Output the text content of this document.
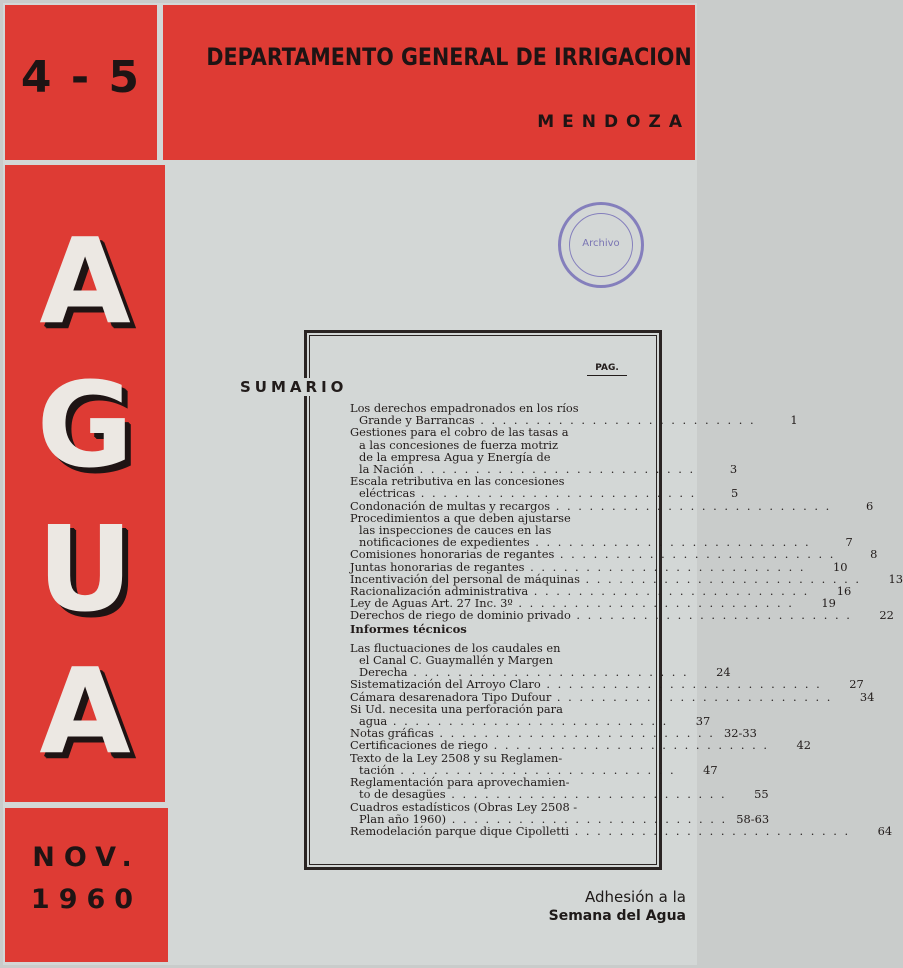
4 - 5	DEPARTAMENTO GENERAL DE IRRIGACION
MENDOZA
A
G
U
A
NOV.
1960
Archivo
SUMARIO
PAG.
Los derechos empadronados en los ríos
Grande y Barrancas . . . . . . . . . . . . . . . . . . . . . . . . .	1
Gestiones para el cobro de las tasas a
a las concesiones de fuerza motriz
de la empresa Agua y Energía de
la Nación . . . . . . . . . . . . . . . . . . . . . . . . .	3
Escala retributiva en las concesiones
eléctricas . . . . . . . . . . . . . . . . . . . . . . . . .	5
Condonación de multas y recargos . . . . . . . . . . . . . . . . . . . . . . . . .	6
Procedimientos a que deben ajustarse
las inspecciones de cauces en las
notificaciones de expedientes . . . . . . . . . . . . . . . . . . . . . . . . .	7
Comisiones honorarias de regantes . . . . . . . . . . . . . . . . . . . . . . . . .	8
Juntas honorarias de regantes . . . . . . . . . . . . . . . . . . . . . . . . .	10
Incentivación del personal de máquinas . . . . . . . . . . . . . . . . . . . . . . . . .	13
Racionalización administrativa . . . . . . . . . . . . . . . . . . . . . . . . .	16
Ley de Aguas Art. 27 Inc. 3º . . . . . . . . . . . . . . . . . . . . . . . . .	19
Derechos de riego de dominio privado . . . . . . . . . . . . . . . . . . . . . . . . .	22
Informes técnicos
Las fluctuaciones de los caudales en
el Canal C. Guaymallén y Margen
Derecha . . . . . . . . . . . . . . . . . . . . . . . . .	24
Sistematización del Arroyo Claro . . . . . . . . . . . . . . . . . . . . . . . . .	27
Cámara desarenadora Tipo Dufour . . . . . . . . . . . . . . . . . . . . . . . . .	34
Si Ud. necesita una perforación para
agua . . . . . . . . . . . . . . . . . . . . . . . . .	37
Notas gráficas . . . . . . . . . . . . . . . . . . . . . . . . . 32-33
Certificaciones de riego . . . . . . . . . . . . . . . . . . . . . . . . .	42
Texto de la Ley 2508 y su Reglamen-
tación . . . . . . . . . . . . . . . . . . . . . . . . .	47
Reglamentación para aprovechamien-
to de desagües . . . . . . . . . . . . . . . . . . . . . . . . .	55
Cuadros estadísticos (Obras Ley 2508 -
Plan año 1960) . . . . . . . . . . . . . . . . . . . . . . . . . 58-63
Remodelación parque dique Cipolletti . . . . . . . . . . . . . . . . . . . . . . . . .	64
Adhesión a la
Semana del Agua
